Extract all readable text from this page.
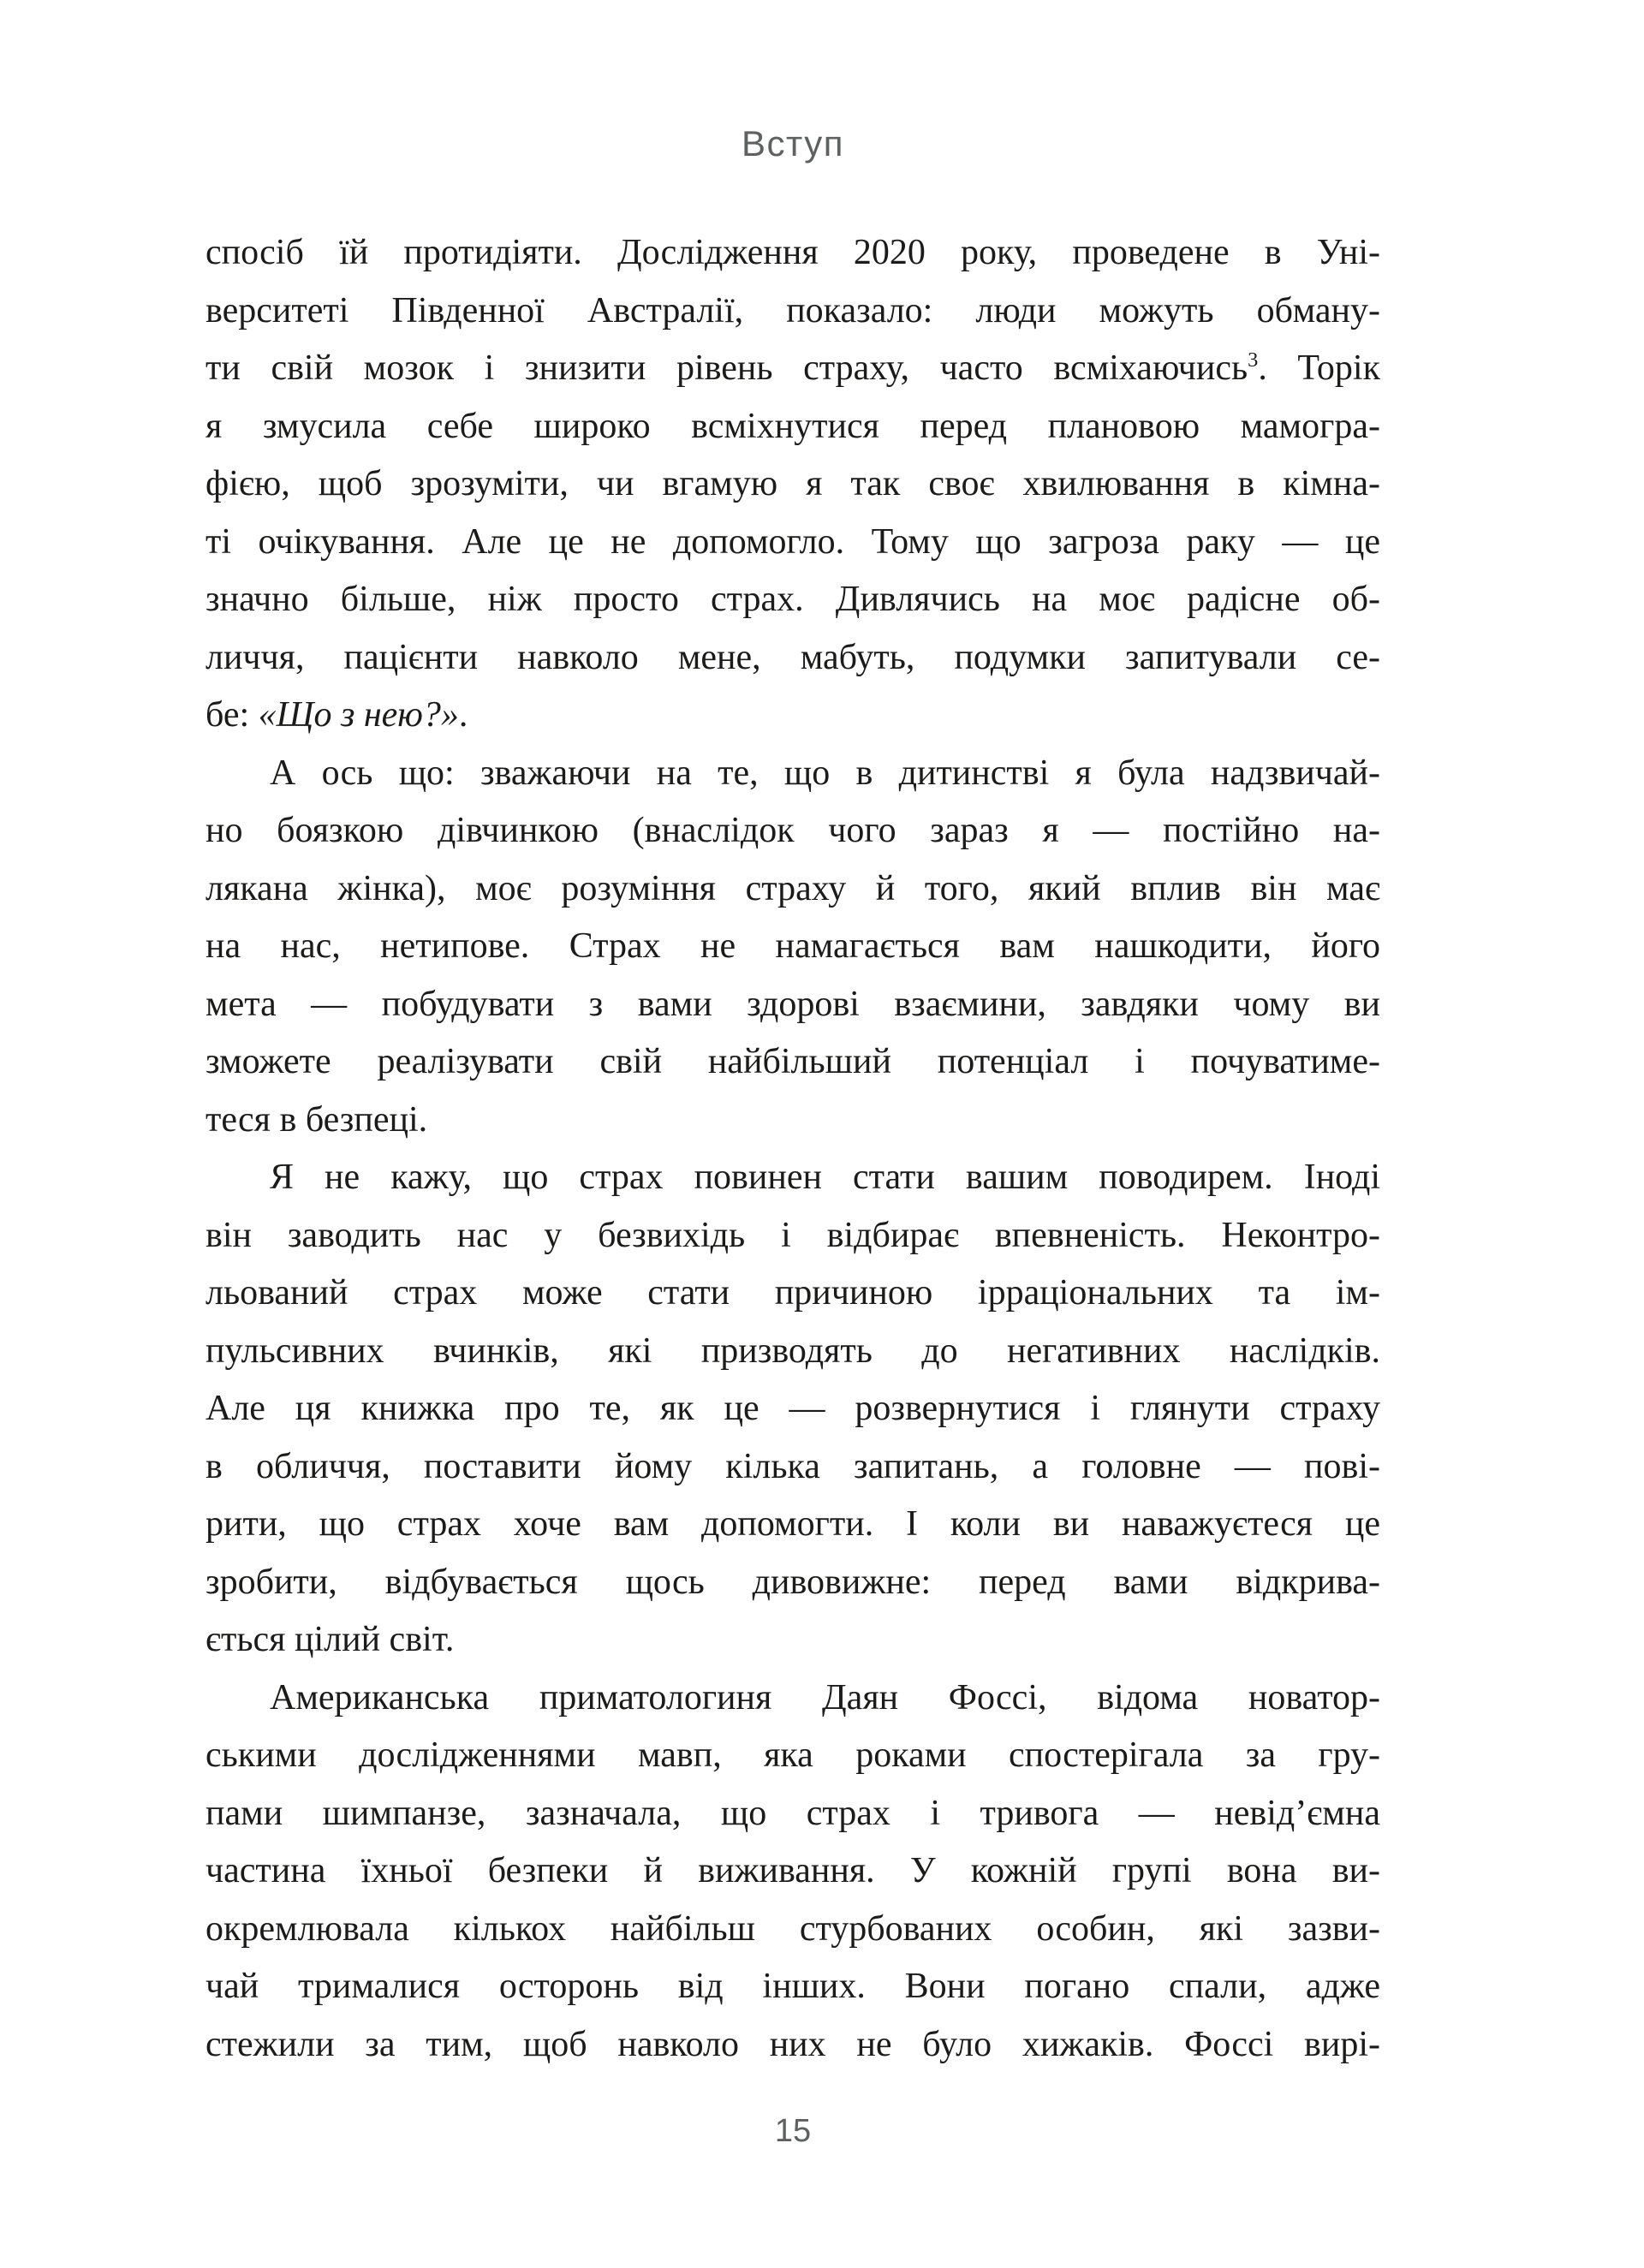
Вступ
спосіб їй протидіяти. Дослідження 2020 року, проведене в Уні-
верситеті Південної Австралії, показало: люди можуть обману-
ти свій мозок і знизити рівень страху, часто всміхаючись$^3$. Торік
я змусила себе широко всміхнутися перед плановою мамогра-
фією, щоб зрозуміти, чи вгамую я так своє хвилювання в кімна-
ті очікування. Але це не допомогло. Тому що загроза раку — це
значно більше, ніж просто страх. Дивлячись на моє радісне об-
личчя, пацієнти навколо мене, мабуть, подумки запитували се-
бе: «Що з нею?».
А ось що: зважаючи на те, що в дитинстві я була надзвичай-
но боязкою дівчинкою (внаслідок чого зараз я — постійно на-
лякана жінка), моє розуміння страху й того, який вплив він має
на нас, нетипове. Страх не намагається вам нашкодити, його
мета — побудувати з вами здорові взаємини, завдяки чому ви
зможете реалізувати свій найбільший потенціал і почуватиме-
теся в безпеці.
Я не кажу, що страх повинен стати вашим поводирем. Іноді
він заводить нас у безвихідь і відбирає впевненість. Неконтро-
льований страх може стати причиною ірраціональних та ім-
пульсивних вчинків, які призводять до негативних наслідків.
Але ця книжка про те, як це — розвернутися і глянути страху
в обличчя, поставити йому кілька запитань, а головне — пові-
рити, що страх хоче вам допомогти. І коли ви наважуєтеся це
зробити, відбувається щось дивовижне: перед вами відкрива-
ється цілий світ.
Американська приматологиня Даян Фоссі, відома новатор-
ськими дослідженнями мавп, яка роками спостерігала за гру-
пами шимпанзе, зазначала, що страх і тривога — невід’ємна
частина їхньої безпеки й виживання. У кожній групі вона ви-
окремлювала кількох найбільш стурбованих особин, які зазви-
чай трималися осторонь від інших. Вони погано спали, адже
стежили за тим, щоб навколо них не було хижаків. Фоссі вирі-
15
